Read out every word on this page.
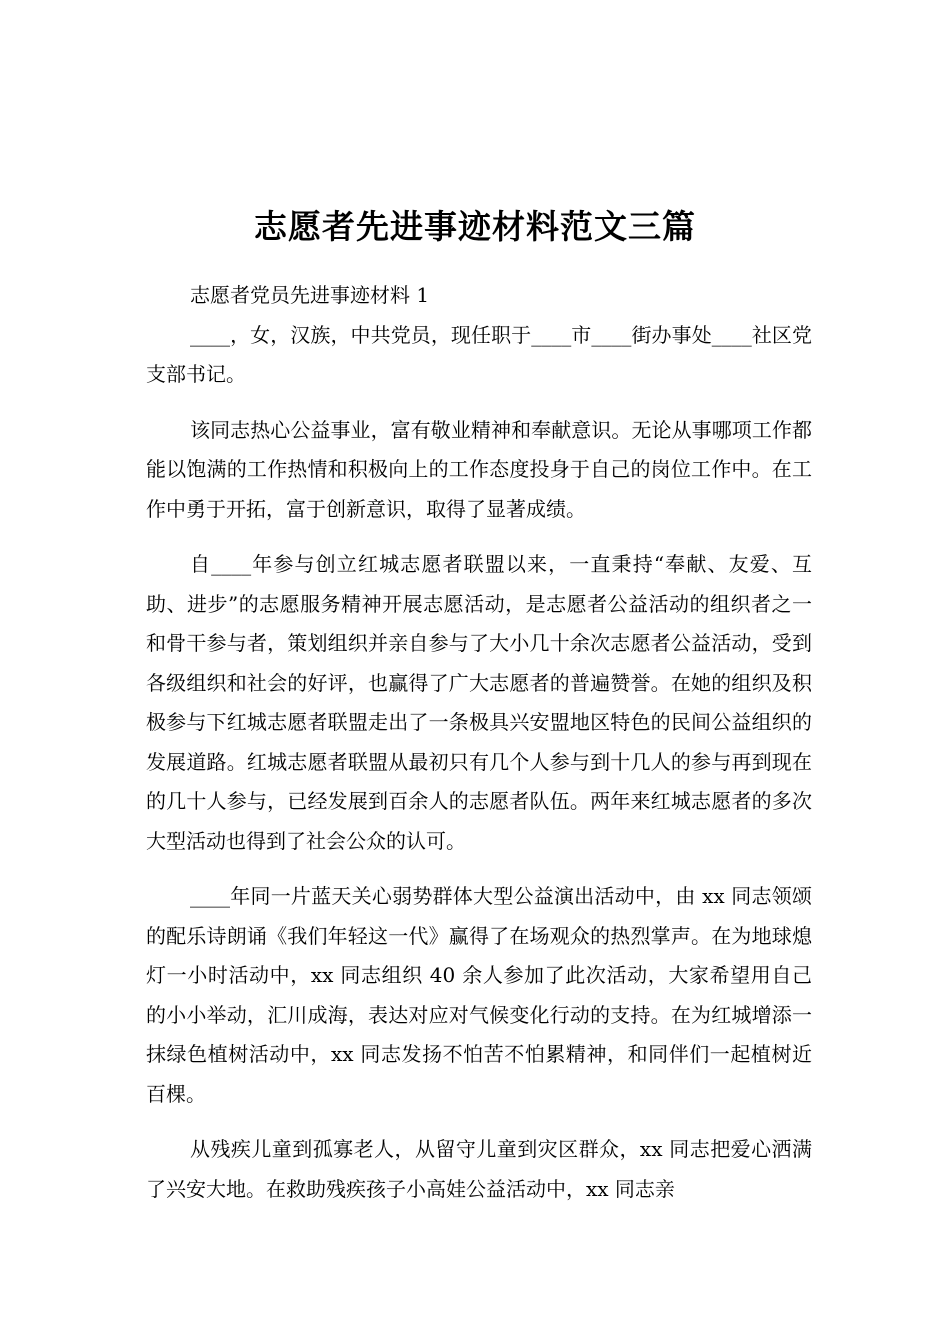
志愿者先进事迹材料范文三篇

志愿者党员先进事迹材料 1

____，女，汉族，中共党员，现任职于____市____街办事处____社区党支部书记。

该同志热心公益事业，富有敬业精神和奉献意识。无论从事哪项工作都能以饱满的工作热情和积极向上的工作态度投身于自己的岗位工作中。在工作中勇于开拓，富于创新意识，取得了显著成绩。

自____年参与创立红城志愿者联盟以来，一直秉持“奉献、友爱、互助、进步”的志愿服务精神开展志愿活动，是志愿者公益活动的组织者之一和骨干参与者，策划组织并亲自参与了大小几十余次志愿者公益活动，受到各级组织和社会的好评，也赢得了广大志愿者的普遍赞誉。在她的组织及积极参与下红城志愿者联盟走出了一条极具兴安盟地区特色的民间公益组织的发展道路。红城志愿者联盟从最初只有几个人参与到十几人的参与再到现在的几十人参与，已经发展到百余人的志愿者队伍。两年来红城志愿者的多次大型活动也得到了社会公众的认可。

____年同一片蓝天关心弱势群体大型公益演出活动中，由 xx 同志领颂的配乐诗朗诵《我们年轻这一代》赢得了在场观众的热烈掌声。在为地球熄灯一小时活动中，xx 同志组织 40 余人参加了此次活动，大家希望用自己的小小举动，汇川成海，表达对应对气候变化行动的支持。在为红城增添一抹绿色植树活动中，xx 同志发扬不怕苦不怕累精神，和同伴们一起植树近百棵。

从残疾儿童到孤寡老人，从留守儿童到灾区群众，xx 同志把爱心洒满了兴安大地。在救助残疾孩子小高娃公益活动中，xx 同志亲
